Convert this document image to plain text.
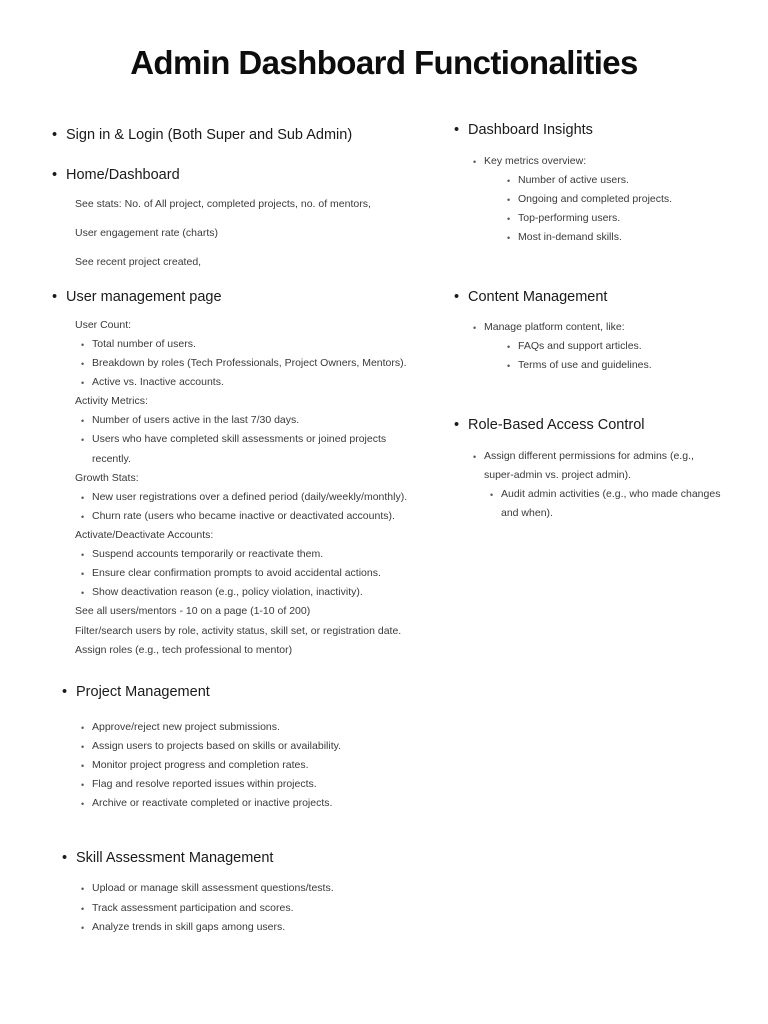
Admin Dashboard Functionalities
• Sign in & Login (Both Super and Sub Admin)
• Home/Dashboard
See stats: No. of All project, completed projects, no. of mentors,
User engagement rate (charts)
See recent project created,
• User management page
User Count:
• Total number of users.
• Breakdown by roles (Tech Professionals, Project Owners, Mentors).
• Active vs. Inactive accounts.
Activity Metrics:
• Number of users active in the last 7/30 days.
• Users who have completed skill assessments or joined projects
recently.
Growth Stats:
• New user registrations over a defined period (daily/weekly/monthly).
• Churn rate (users who became inactive or deactivated accounts).
Activate/Deactivate Accounts:
• Suspend accounts temporarily or reactivate them.
• Ensure clear confirmation prompts to avoid accidental actions.
• Show deactivation reason (e.g., policy violation, inactivity).
See all users/mentors - 10 on a page (1-10 of 200)
Filter/search users by role, activity status, skill set, or registration date.
Assign roles (e.g., tech professional to mentor)
• Project Management
• Approve/reject new project submissions.
• Assign users to projects based on skills or availability.
• Monitor project progress and completion rates.
• Flag and resolve reported issues within projects.
• Archive or reactivate completed or inactive projects.
• Skill Assessment Management
• Upload or manage skill assessment questions/tests.
• Track assessment participation and scores.
• Analyze trends in skill gaps among users.
• Dashboard Insights
• Key metrics overview:
• Number of active users.
• Ongoing and completed projects.
• Top-performing users.
• Most in-demand skills.
• Content Management
• Manage platform content, like:
• FAQs and support articles.
• Terms of use and guidelines.
• Role-Based Access Control
• Assign different permissions for admins (e.g.,
super-admin vs. project admin).
• Audit admin activities (e.g., who made changes
and when).
